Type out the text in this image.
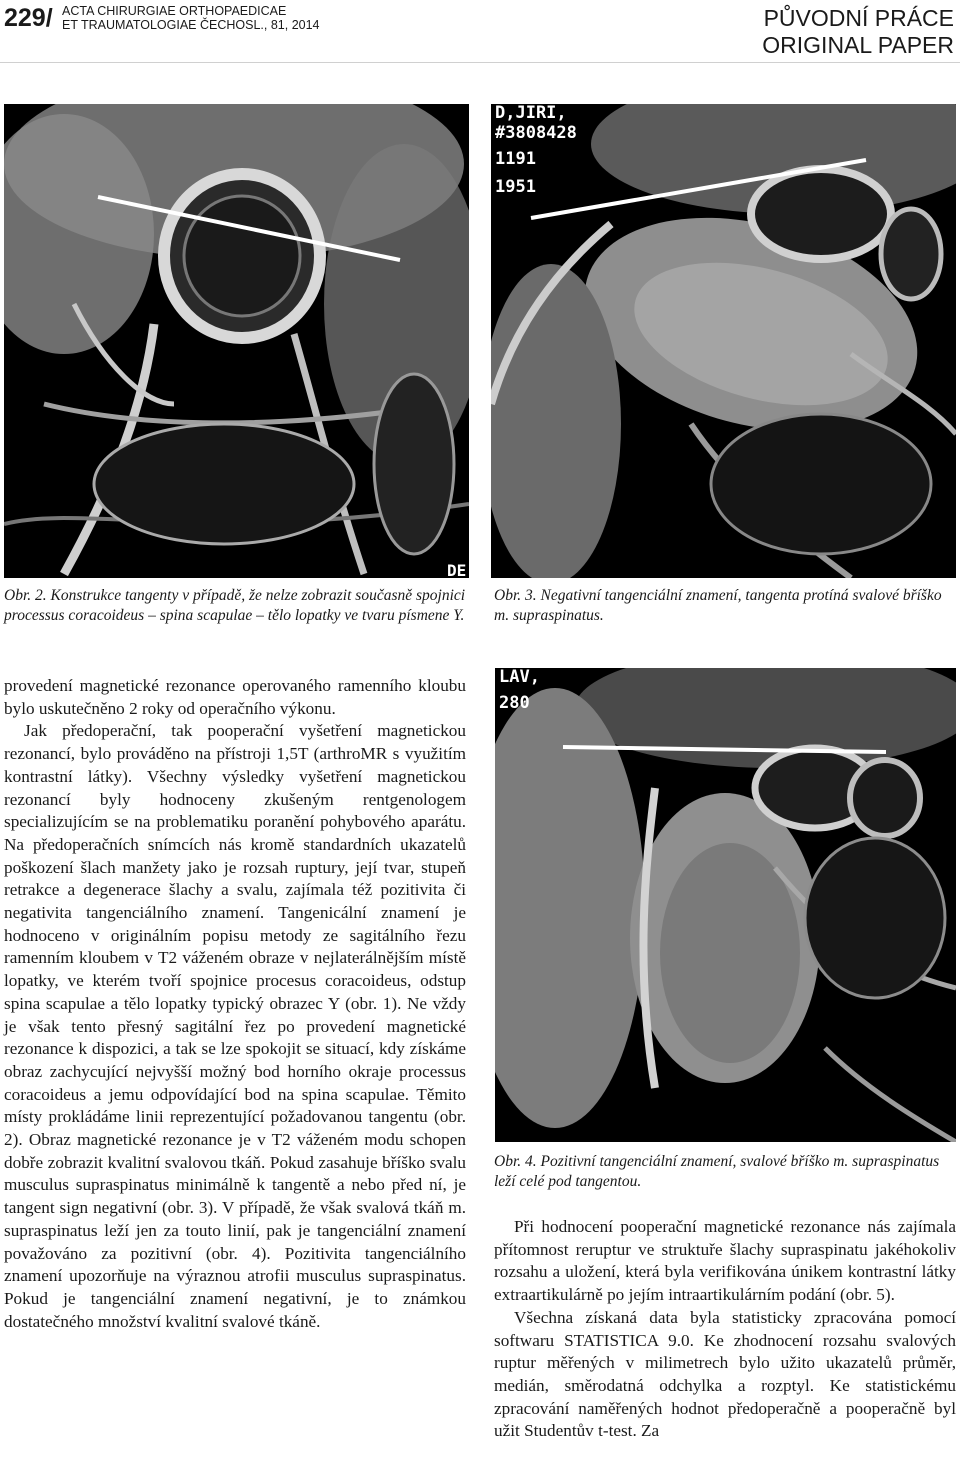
229/ ACTA CHIRURGIAE ORTHOPAEDICAE
ET TRAUMATOLOGIAE ČECHOSL., 81, 2014	PŮVODNÍ PRÁCE
ORIGINAL PAPER
DE
D,JIRI,
#3808428
1191
1951
Obr. 2. Konstrukce tangenty v případě, že nelze zobrazit současně spojnici processus coracoideus – spina scapulae – tělo lopatky ve tvaru písmene Y.
Obr. 3. Negativní tangenciální znamení, tangenta protíná svalové bříško m. supraspinatus.

provedení magnetické rezonance operovaného ramenního kloubu bylo uskutečněno 2 roky od operačního výkonu.

Jak předoperační, tak pooperační vyšetření magnetickou rezonancí, bylo prováděno na přístroji 1,5T (arthroMR s využitím kontrastní látky). Všechny výsledky vyšetření magnetickou rezonancí byly hodnoceny zkušeným rentgenologem specializujícím se na problematiku poranění pohybového aparátu. Na předoperačních snímcích nás kromě standardních ukazatelů poškození šlach manžety jako je rozsah ruptury, její tvar, stupeň retrakce a degenerace šlachy a svalu, zajímala též pozitivita či negativita tangenciálního znamení. Tangenicální znamení je hodnoceno v originálním popisu metody ze sagitálního řezu ramenním kloubem v T2 váženém obraze v nejlaterálnějším místě lopatky, ve kterém tvoří spojnice procesus coracoideus, odstup spina scapulae a tělo lopatky typický obrazec Y (obr. 1). Ne vždy je však tento přesný sagitální řez po provedení magnetické rezonance k dispozici, a tak se lze spokojit se situací, kdy získáme obraz zachycující nejvyšší možný bod horního okraje processus coracoideus a jemu odpovídající bod na spina scapulae. Těmito místy prokládáme linii reprezentující požadovanou tangentu (obr. 2). Obraz magnetické rezonance je v T2 váženém modu schopen dobře zobrazit kvalitní svalovou tkáň. Pokud zasahuje bříško svalu musculus supraspinatus minimálně k tangentě a nebo před ní, je tangent sign negativní (obr. 3). V případě, že však svalová tkáň m. supraspinatus leží jen za touto linií, pak je tangenciální znamení považováno za pozitivní (obr. 4). Pozitivita tangenciálního znamení upozorňuje na výraznou atrofii musculus supraspinatus. Pokud je tangenciální znamení negativní, je to známkou dostatečného množství kvalitní svalové tkáně.

LAV,
280
Obr. 4. Pozitivní tangenciální znamení, svalové bříško m. supraspinatus leží celé pod tangentou.

Při hodnocení pooperační magnetické rezonance nás zajímala přítomnost reruptur ve struktuře šlachy supraspinatu jakéhokoliv rozsahu a uložení, která byla verifikována únikem kontrastní látky extraartikulárně po jejím intraartikulárním podání (obr. 5).

Všechna získaná data byla statisticky zpracována pomocí softwaru STATISTICA 9.0. Ke zhodnocení rozsahu svalových ruptur měřených v milimetrech bylo užito ukazatelů průměr, medián, směrodatná odchylka a rozptyl. Ke statistickému zpracování naměřených hodnot předoperačně a pooperačně byl užit Studentův t-test. Za
